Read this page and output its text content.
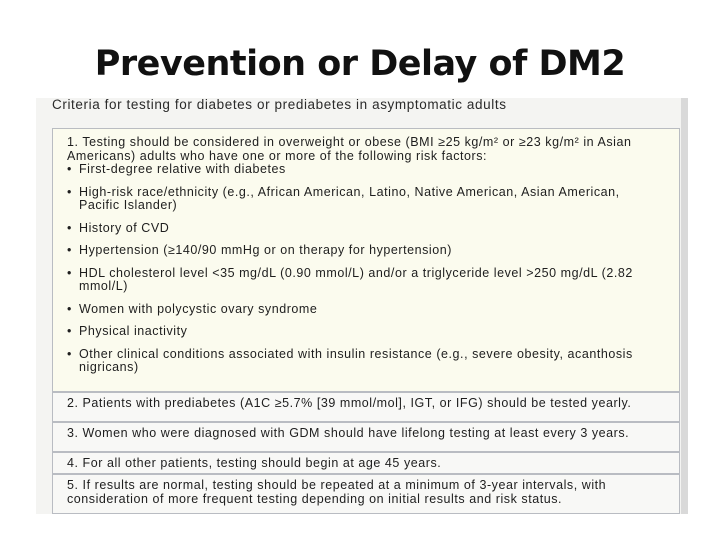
Prevention or Delay of DM2
Criteria for testing for diabetes or prediabetes in asymptomatic adults
1. Testing should be considered in overweight or obese (BMI ≥25 kg/m² or ≥23 kg/m² in Asian Americans) adults who have one or more of the following risk factors:
• First-degree relative with diabetes
• High-risk race/ethnicity (e.g., African American, Latino, Native American, Asian American, Pacific Islander)
• History of CVD
• Hypertension (≥140/90 mmHg or on therapy for hypertension)
• HDL cholesterol level <35 mg/dL (0.90 mmol/L) and/or a triglyceride level >250 mg/dL (2.82 mmol/L)
• Women with polycystic ovary syndrome
• Physical inactivity
• Other clinical conditions associated with insulin resistance (e.g., severe obesity, acanthosis nigricans)
2. Patients with prediabetes (A1C ≥5.7% [39 mmol/mol], IGT, or IFG) should be tested yearly.
3. Women who were diagnosed with GDM should have lifelong testing at least every 3 years.
4. For all other patients, testing should begin at age 45 years.
5. If results are normal, testing should be repeated at a minimum of 3-year intervals, with consideration of more frequent testing depending on initial results and risk status.
